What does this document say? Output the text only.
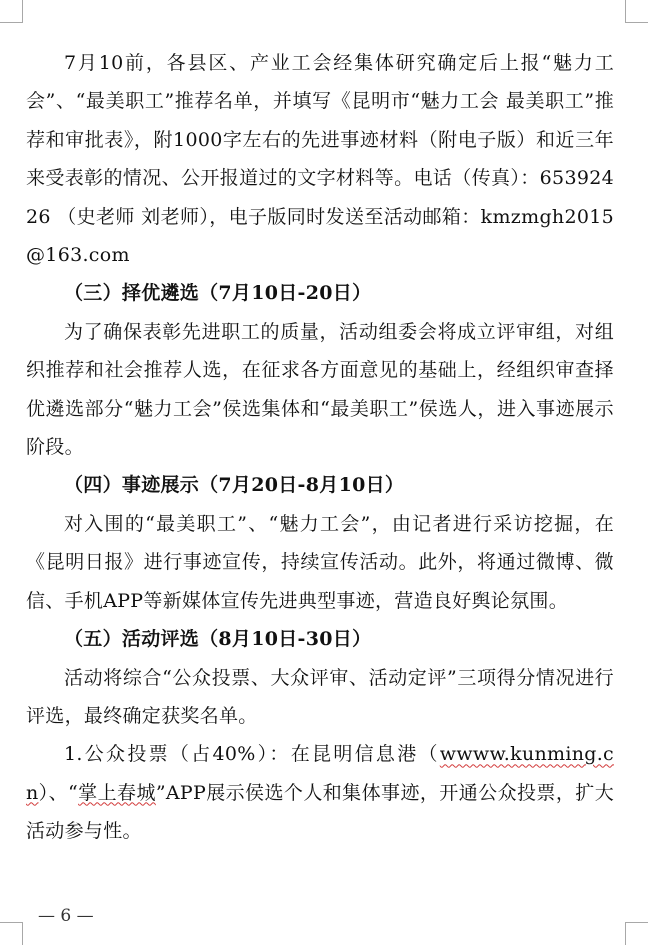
7月10前，各县区、产业工会经集体研究确定后上报“魅力工会”、“最美职工”推荐名单，并填写《昆明市“魅力工会 最美职工”推荐和审批表》，附1000字左右的先进事迹材料（附电子版）和近三年来受表彰的情况、公开报道过的文字材料等。电话（传真）：65392426 （史老师 刘老师），电子版同时发送至活动邮箱：kmzmgh2015@163.com

（三）择优遴选（7月10日-20日）

为了确保表彰先进职工的质量，活动组委会将成立评审组，对组织推荐和社会推荐人选，在征求各方面意见的基础上，经组织审查择优遴选部分“魅力工会”侯选集体和“最美职工”侯选人，进入事迹展示阶段。

（四）事迹展示（7月20日-8月10日）

对入围的“最美职工”、“魅力工会”，由记者进行采访挖掘，在《昆明日报》进行事迹宣传，持续宣传活动。此外，将通过微博、微信、手机APP等新媒体宣传先进典型事迹，营造良好舆论氛围。

（五）活动评选（8月10日-30日）

活动将综合“公众投票、大众评审、活动定评”三项得分情况进行评选，最终确定获奖名单。

1.公众投票（占40%）：在昆明信息港（wwww.kunming.cn）、“掌上春城”APP展示侯选个人和集体事迹，开通公众投票，扩大活动参与性。

— 6 —
